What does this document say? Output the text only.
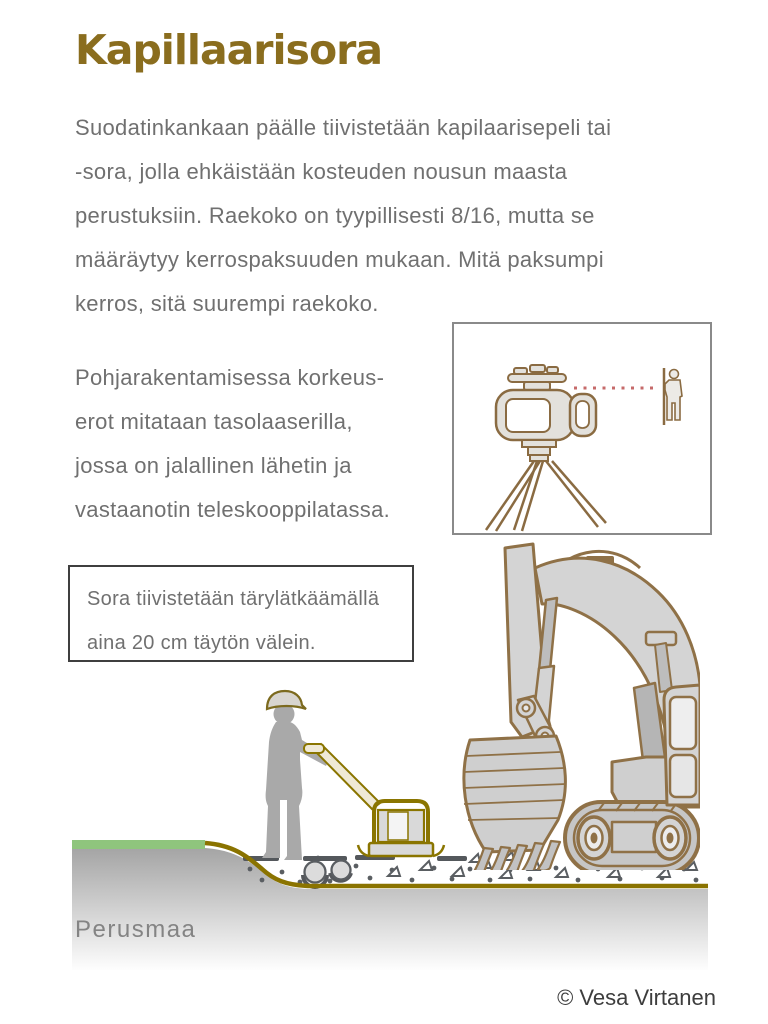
Kapillaarisora
Suodatinkankaan päälle tiivistetään kapilaarisepeli tai
-sora, jolla ehkäistään kosteuden nousun maasta
perustuksiin. Raekoko on tyypillisesti 8/16, mutta se
määräytyy kerrospaksuuden mukaan. Mitä paksumpi
kerros, sitä suurempi raekoko.
Pohjarakentamisessa korkeus-
erot mitataan tasolaaserilla,
jossa on jalallinen lähetin ja
vastaanotin teleskooppilatassa.
Sora tiivistetään tärylätkäämällä
aina 20 cm täytön välein.
Perusmaa
© Vesa Virtanen
